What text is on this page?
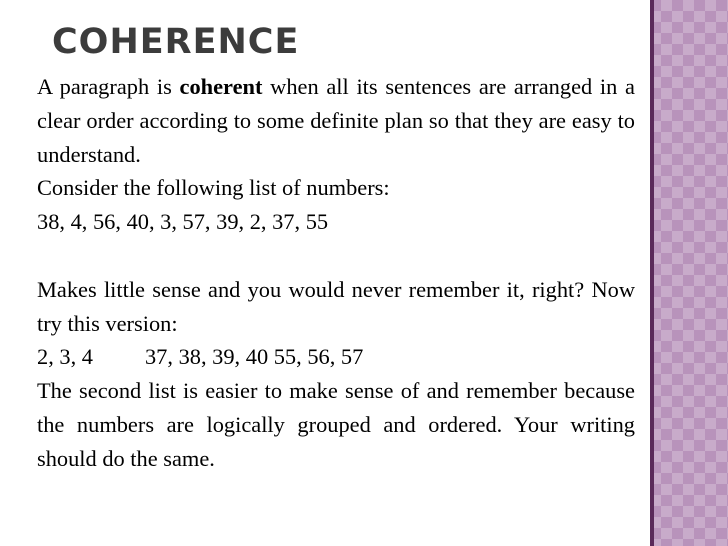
COHERENCE

A paragraph is coherent when all its sentences are arranged in a clear order according to some definite plan so that they are easy to understand.

Consider the following list of numbers:

38, 4, 56, 40, 3, 57, 39, 2, 37, 55

Makes little sense and you would never remember it, right? Now try this version:

2, 3, 4 37, 38, 39, 40 55, 56, 57

The second list is easier to make sense of and remember because the numbers are logically grouped and ordered. Your writing should do the same.
